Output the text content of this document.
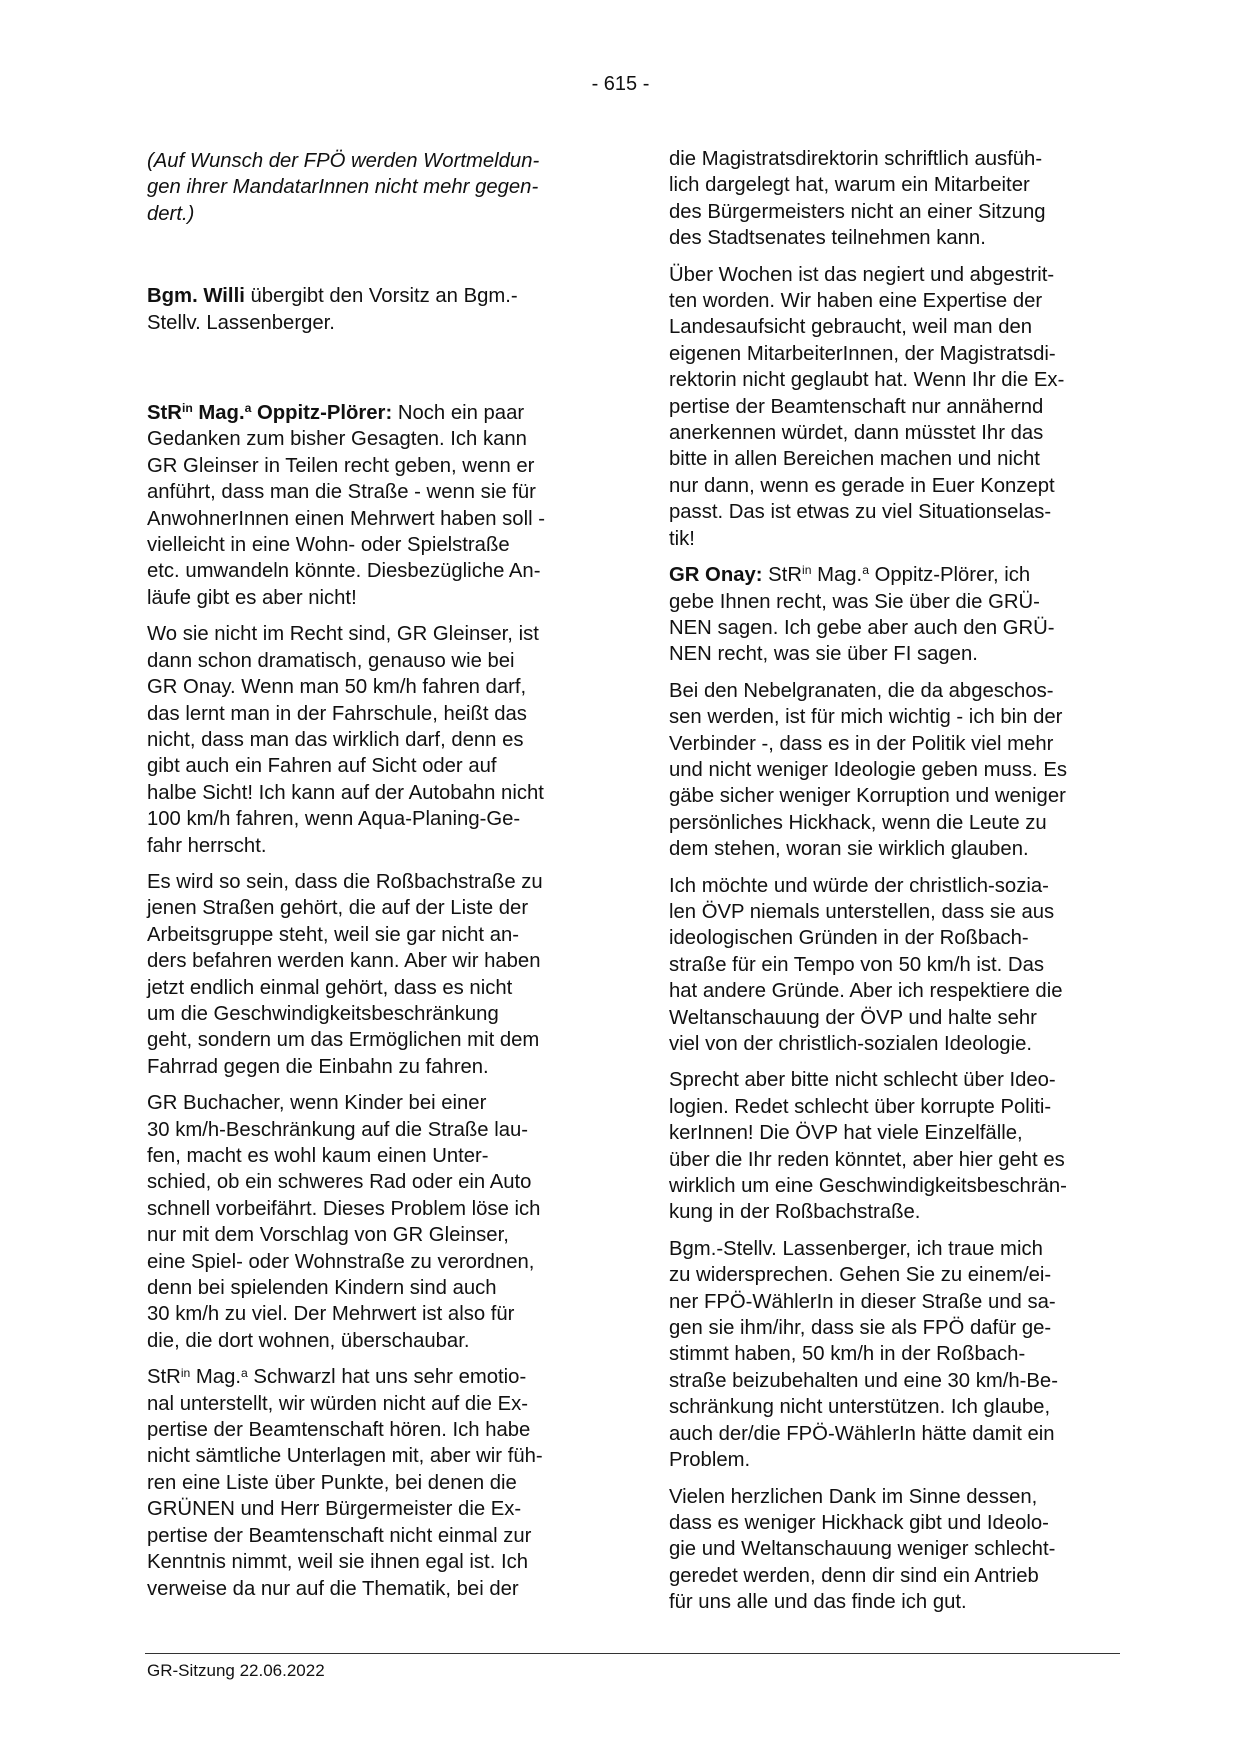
- 615 -
(Auf Wunsch der FPÖ werden Wortmeldun-
gen ihrer MandatarInnen nicht mehr gegen-
dert.)
Bgm. Willi übergibt den Vorsitz an Bgm.-
Stellv. Lassenberger.
StR$^{in}$ Mag.$^a$ Oppitz-Plörer: Noch ein paar
Gedanken zum bisher Gesagten. Ich kann
GR Gleinser in Teilen recht geben, wenn er
anführt, dass man die Straße - wenn sie für
AnwohnerInnen einen Mehrwert haben soll -
vielleicht in eine Wohn- oder Spielstraße
etc. umwandeln könnte. Diesbezügliche An-
läufe gibt es aber nicht!
Wo sie nicht im Recht sind, GR Gleinser, ist
dann schon dramatisch, genauso wie bei
GR Onay. Wenn man 50 km/h fahren darf,
das lernt man in der Fahrschule, heißt das
nicht, dass man das wirklich darf, denn es
gibt auch ein Fahren auf Sicht oder auf
halbe Sicht! Ich kann auf der Autobahn nicht
100 km/h fahren, wenn Aqua-Planing-Ge-
fahr herrscht.
Es wird so sein, dass die Roßbachstraße zu
jenen Straßen gehört, die auf der Liste der
Arbeitsgruppe steht, weil sie gar nicht an-
ders befahren werden kann. Aber wir haben
jetzt endlich einmal gehört, dass es nicht
um die Geschwindigkeitsbeschränkung
geht, sondern um das Ermöglichen mit dem
Fahrrad gegen die Einbahn zu fahren.
GR Buchacher, wenn Kinder bei einer
30 km/h-Beschränkung auf die Straße lau-
fen, macht es wohl kaum einen Unter-
schied, ob ein schweres Rad oder ein Auto
schnell vorbeifährt. Dieses Problem löse ich
nur mit dem Vorschlag von GR Gleinser,
eine Spiel- oder Wohnstraße zu verordnen,
denn bei spielenden Kindern sind auch
30 km/h zu viel. Der Mehrwert ist also für
die, die dort wohnen, überschaubar.
StR$^{in}$ Mag.$^a$ Schwarzl hat uns sehr emotio-
nal unterstellt, wir würden nicht auf die Ex-
pertise der Beamtenschaft hören. Ich habe
nicht sämtliche Unterlagen mit, aber wir füh-
ren eine Liste über Punkte, bei denen die
GRÜNEN und Herr Bürgermeister die Ex-
pertise der Beamtenschaft nicht einmal zur
Kenntnis nimmt, weil sie ihnen egal ist. Ich
verweise da nur auf die Thematik, bei der
die Magistratsdirektorin schriftlich ausfüh-
lich dargelegt hat, warum ein Mitarbeiter
des Bürgermeisters nicht an einer Sitzung
des Stadtsenates teilnehmen kann.
Über Wochen ist das negiert und abgestrit-
ten worden. Wir haben eine Expertise der
Landesaufsicht gebraucht, weil man den
eigenen MitarbeiterInnen, der Magistratsdi-
rektorin nicht geglaubt hat. Wenn Ihr die Ex-
pertise der Beamtenschaft nur annähernd
anerkennen würdet, dann müsstet Ihr das
bitte in allen Bereichen machen und nicht
nur dann, wenn es gerade in Euer Konzept
passt. Das ist etwas zu viel Situationselas-
tik!
GR Onay: StR$^{in}$ Mag.$^a$ Oppitz-Plörer, ich
gebe Ihnen recht, was Sie über die GRÜ-
NEN sagen. Ich gebe aber auch den GRÜ-
NEN recht, was sie über FI sagen.
Bei den Nebelgranaten, die da abgeschos-
sen werden, ist für mich wichtig - ich bin der
Verbinder -, dass es in der Politik viel mehr
und nicht weniger Ideologie geben muss. Es
gäbe sicher weniger Korruption und weniger
persönliches Hickhack, wenn die Leute zu
dem stehen, woran sie wirklich glauben.
Ich möchte und würde der christlich-sozia-
len ÖVP niemals unterstellen, dass sie aus
ideologischen Gründen in der Roßbach-
straße für ein Tempo von 50 km/h ist. Das
hat andere Gründe. Aber ich respektiere die
Weltanschauung der ÖVP und halte sehr
viel von der christlich-sozialen Ideologie.
Sprecht aber bitte nicht schlecht über Ideo-
logien. Redet schlecht über korrupte Politi-
kerInnen! Die ÖVP hat viele Einzelfälle,
über die Ihr reden könntet, aber hier geht es
wirklich um eine Geschwindigkeitsbeschrän-
kung in der Roßbachstraße.
Bgm.-Stellv. Lassenberger, ich traue mich
zu widersprechen. Gehen Sie zu einem/ei-
ner FPÖ-WählerIn in dieser Straße und sa-
gen sie ihm/ihr, dass sie als FPÖ dafür ge-
stimmt haben, 50 km/h in der Roßbach-
straße beizubehalten und eine 30 km/h-Be-
schränkung nicht unterstützen. Ich glaube,
auch der/die FPÖ-WählerIn hätte damit ein
Problem.
Vielen herzlichen Dank im Sinne dessen,
dass es weniger Hickhack gibt und Ideolo-
gie und Weltanschauung weniger schlecht-
geredet werden, denn dir sind ein Antrieb
für uns alle und das finde ich gut.
GR-Sitzung 22.06.2022
